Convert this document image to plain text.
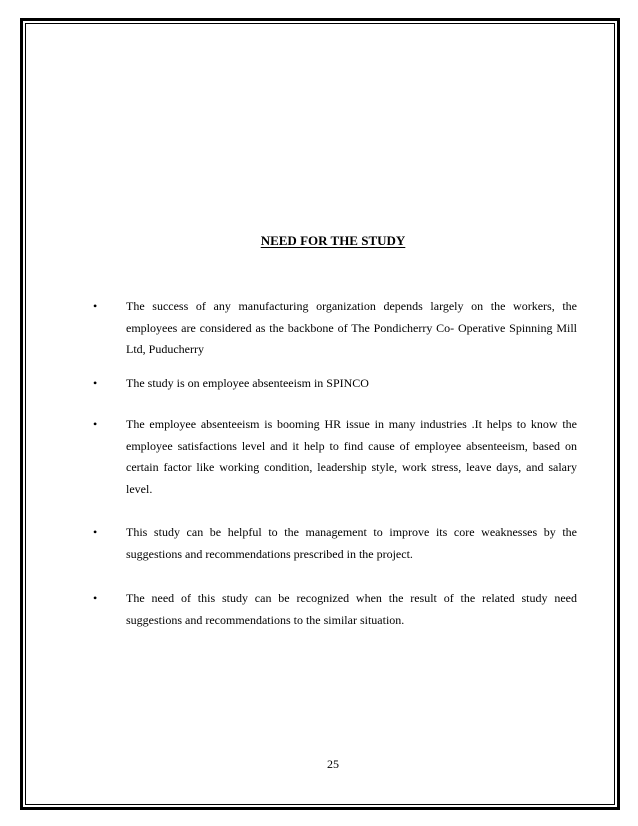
NEED FOR THE STUDY
• The success of any manufacturing organization depends largely on the workers, the employees are considered as the backbone of The Pondicherry Co- Operative Spinning Mill Ltd, Puducherry
• The study is on employee absenteeism in SPINCO
• The employee absenteeism is booming HR issue in many industries .It helps to know the employee satisfactions level and it help to find cause of employee absenteeism, based on certain factor like working condition, leadership style, work stress, leave days, and salary level.
• This study can be helpful to the management to improve its core weaknesses by the suggestions and recommendations prescribed in the project.
• The need of this study can be recognized when the result of the related study need suggestions and recommendations to the similar situation.
25
